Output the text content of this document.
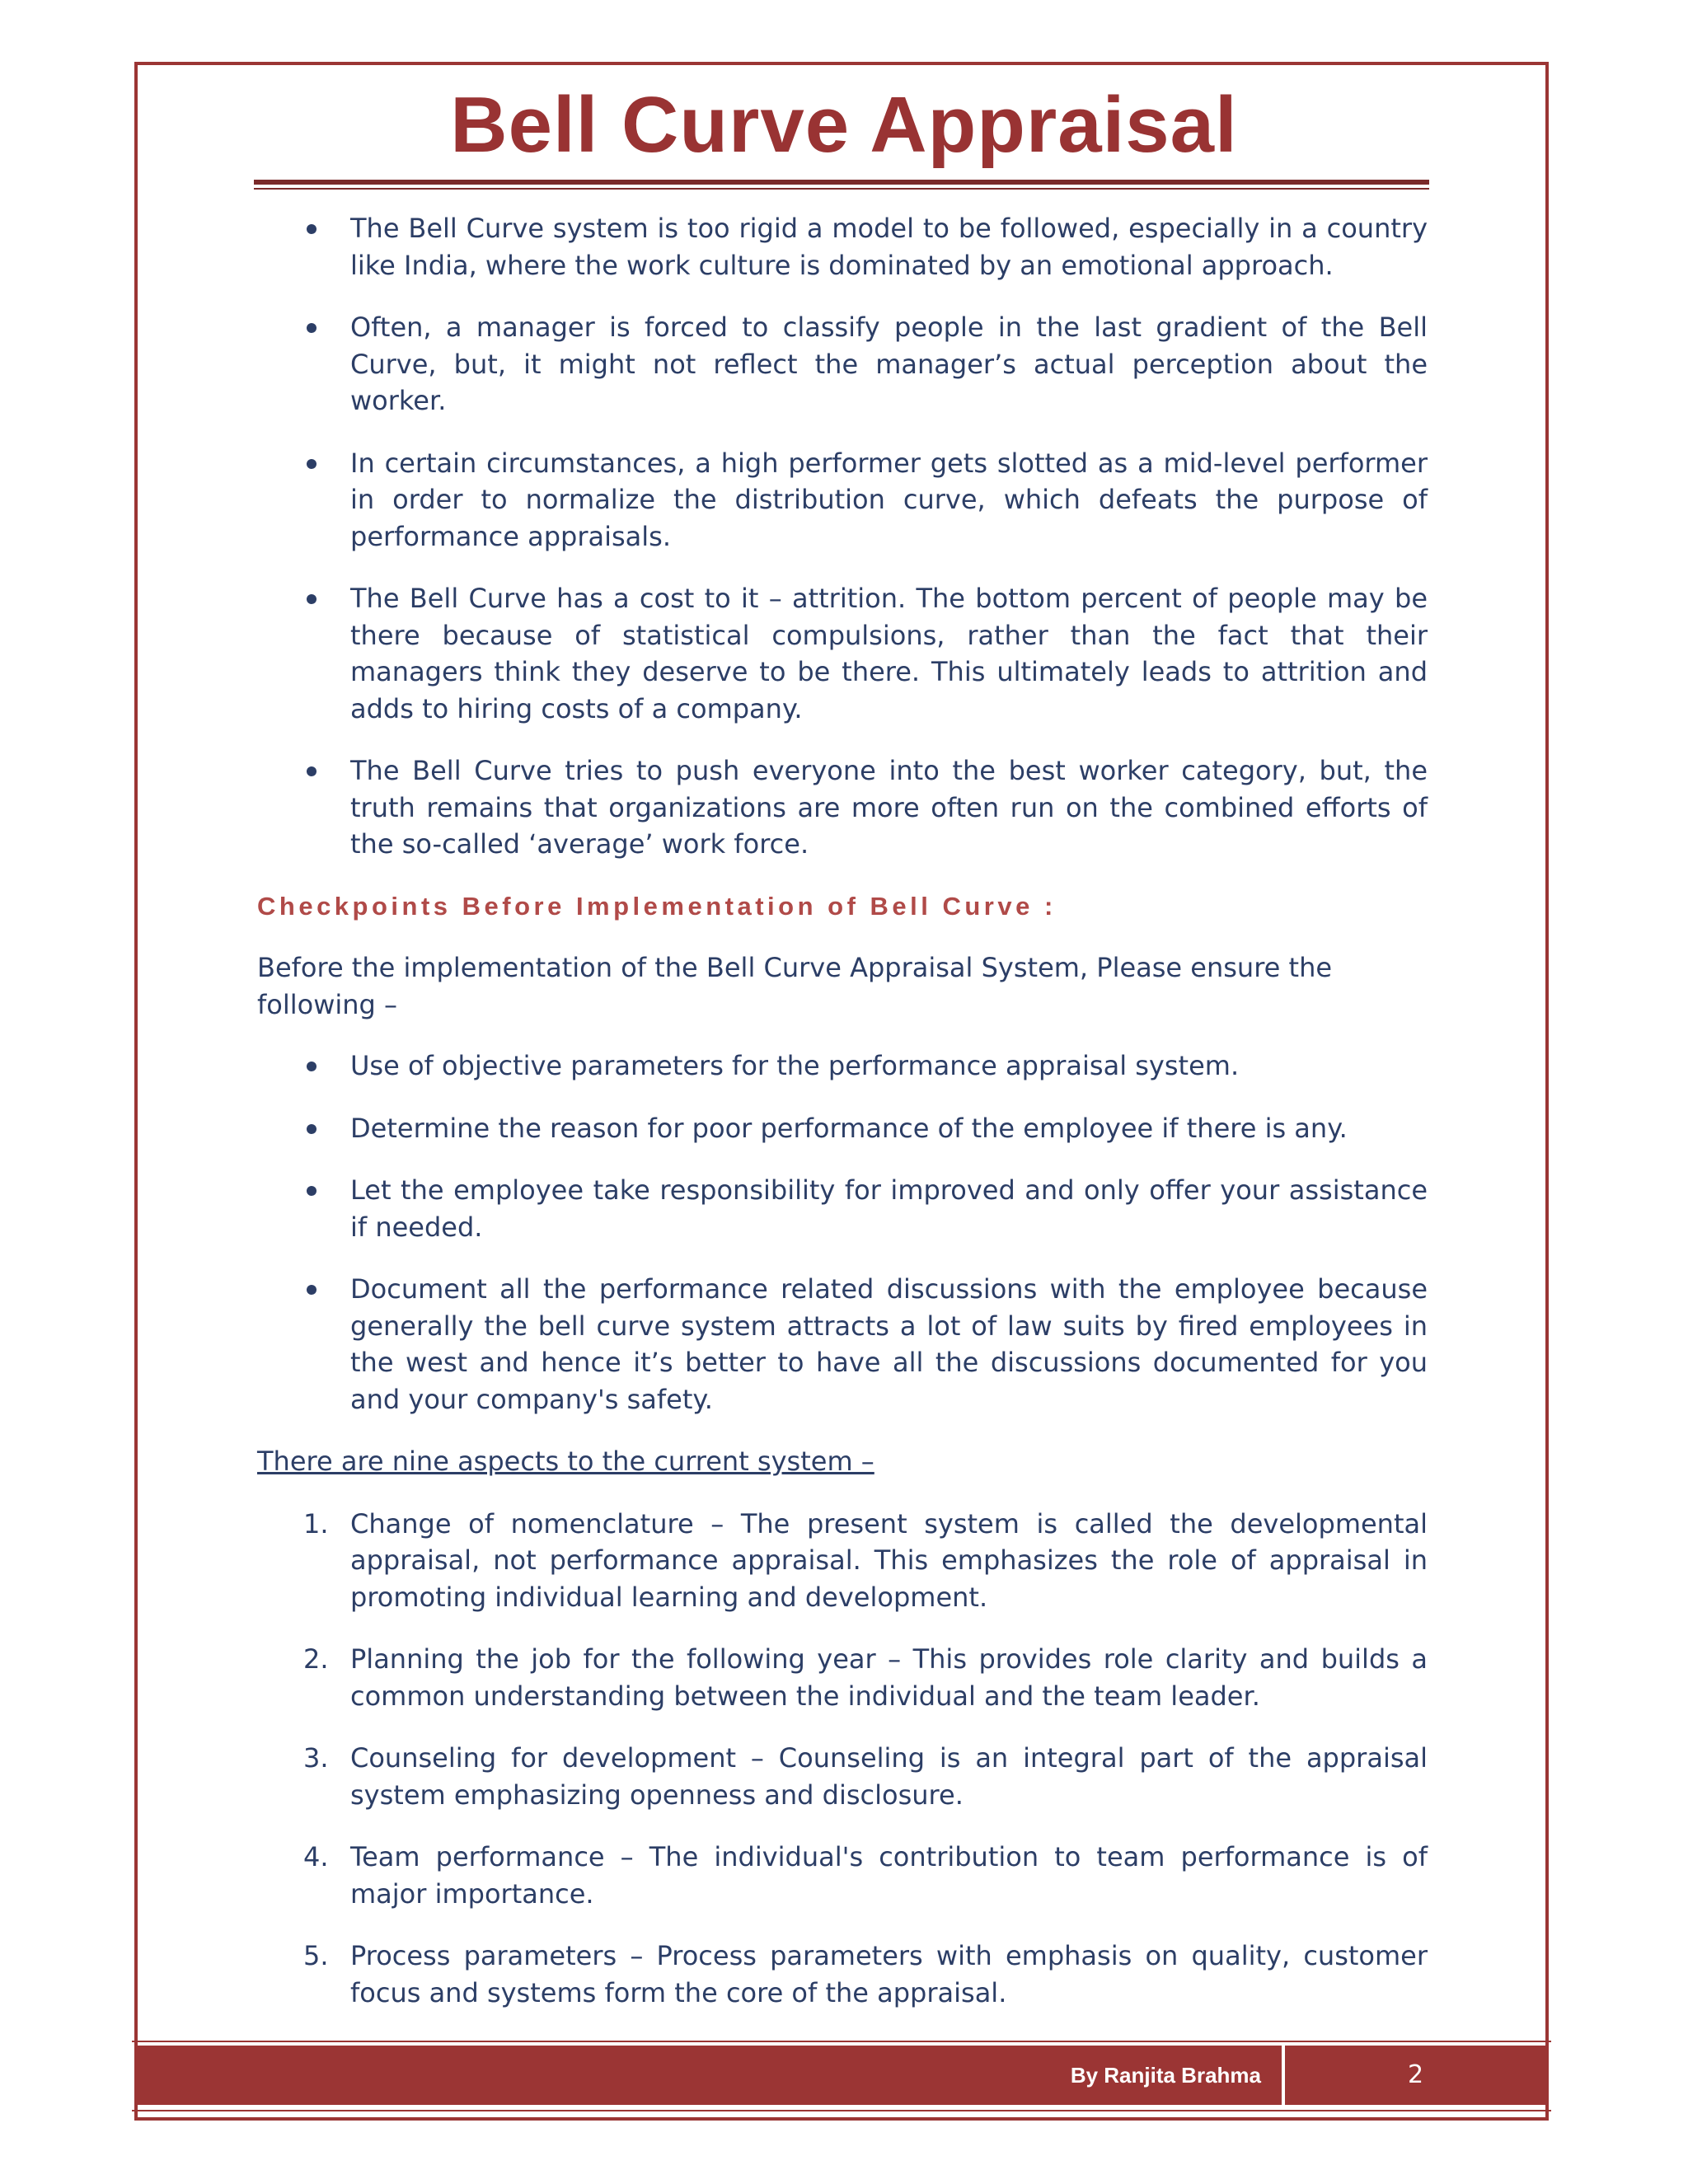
Bell Curve Appraisal
The Bell Curve system is too rigid a model to be followed, especially in a country like India, where the work culture is dominated by an emotional approach.
Often, a manager is forced to classify people in the last gradient of the Bell Curve, but, it might not reflect the manager’s actual perception about the worker.
In certain circumstances, a high performer gets slotted as a mid-level performer in order to normalize the distribution curve, which defeats the purpose of performance appraisals.
The Bell Curve has a cost to it – attrition. The bottom percent of people may be there because of statistical compulsions, rather than the fact that their managers think they deserve to be there. This ultimately leads to attrition and adds to hiring costs of a company.
The Bell Curve tries to push everyone into the best worker category, but, the truth remains that organizations are more often run on the combined efforts of the so-called ‘average’ work force.

Checkpoints Before Implementation of Bell Curve :

Before the implementation of the Bell Curve Appraisal System, Please ensure the following –

Use of objective parameters for the performance appraisal system.
Determine the reason for poor performance of the employee if there is any.
Let the employee take responsibility for improved and only offer your assistance if needed.
Document all the performance related discussions with the employee because generally the bell curve system attracts a lot of law suits by fired employees in the west and hence it’s better to have all the discussions documented for you and your company's safety.

There are nine aspects to the current system –

1. Change of nomenclature – The present system is called the developmental appraisal, not performance appraisal. This emphasizes the role of appraisal in promoting individual learning and development.
2. Planning the job for the following year – This provides role clarity and builds a common understanding between the individual and the team leader.
3. Counseling for development – Counseling is an integral part of the appraisal system emphasizing openness and disclosure.
4. Team performance – The individual's contribution to team performance is of major importance.
5. Process parameters – Process parameters with emphasis on quality, customer focus and systems form the core of the appraisal.
By Ranjita Brahma	2
